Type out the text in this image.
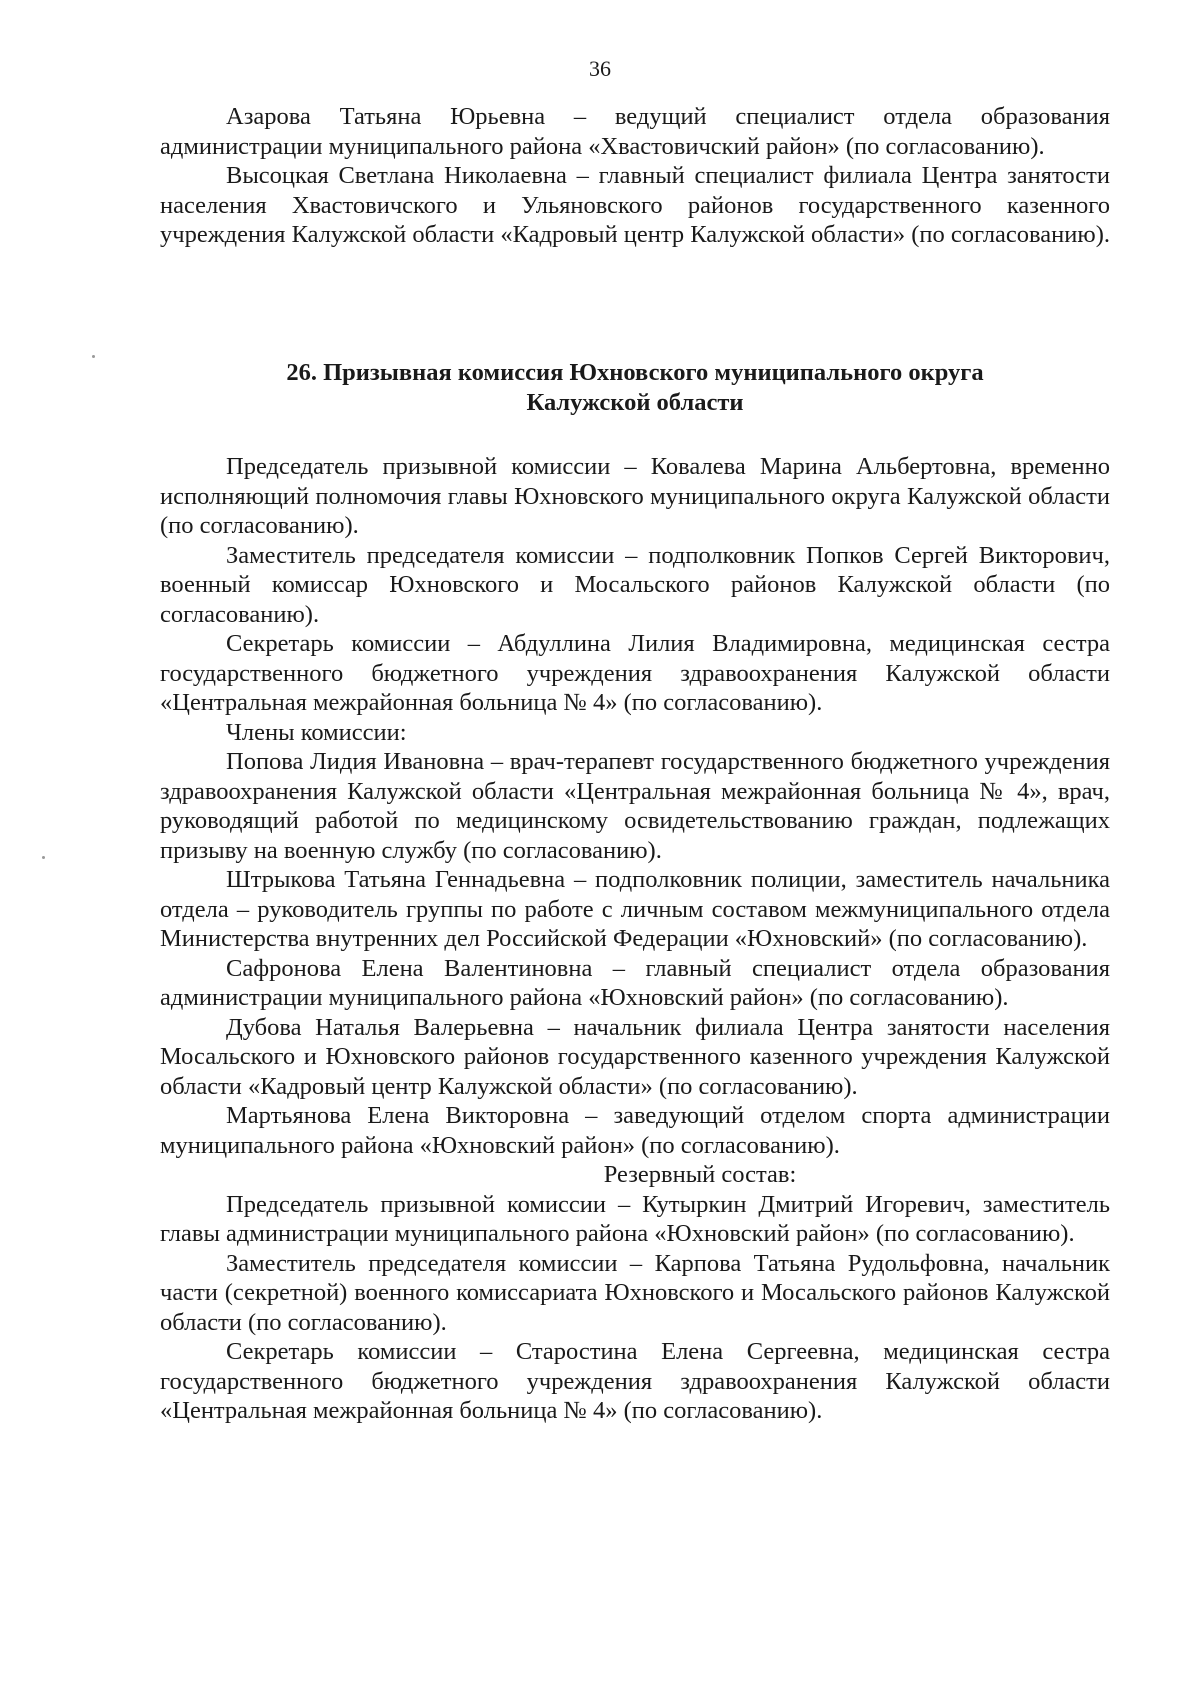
36

Азарова Татьяна Юрьевна – ведущий специалист отдела образования администрации муниципального района «Хвастовичский район» (по согласованию).

Высоцкая Светлана Николаевна – главный специалист филиала Центра занятости населения Хвастовичского и Ульяновского районов государственного казенного учреждения Калужской области «Кадровый центр Калужской области» (по согласованию).

26. Призывная комиссия Юхновского муниципального округа
Калужской области

Председатель призывной комиссии – Ковалева Марина Альбертовна, временно исполняющий полномочия главы Юхновского муниципального округа Калужской области (по согласованию).

Заместитель председателя комиссии – подполковник Попков Сергей Викторович, военный комиссар Юхновского и Мосальского районов Калужской области (по согласованию).

Секретарь комиссии – Абдуллина Лилия Владимировна, медицинская сестра государственного бюджетного учреждения здравоохранения Калужской области «Центральная межрайонная больница № 4» (по согласованию).

Члены комиссии:

Попова Лидия Ивановна – врач-терапевт государственного бюджетного учреждения здравоохранения Калужской области «Центральная межрайонная больница № 4», врач, руководящий работой по медицинскому освидетельствованию граждан, подлежащих призыву на военную службу (по согласованию).

Штрыкова Татьяна Геннадьевна – подполковник полиции, заместитель начальника отдела – руководитель группы по работе с личным составом межмуниципального отдела Министерства внутренних дел Российской Федерации «Юхновский» (по согласованию).

Сафронова Елена Валентиновна – главный специалист отдела образования администрации муниципального района «Юхновский район» (по согласованию).

Дубова Наталья Валерьевна – начальник филиала Центра занятости населения Мосальского и Юхновского районов государственного казенного учреждения Калужской области «Кадровый центр Калужской области» (по согласованию).

Мартьянова Елена Викторовна – заведующий отделом спорта администрации муниципального района «Юхновский район» (по согласованию).

Резервный состав:

Председатель призывной комиссии – Кутыркин Дмитрий Игоревич, заместитель главы администрации муниципального района «Юхновский район» (по согласованию).

Заместитель председателя комиссии – Карпова Татьяна Рудольфовна, начальник части (секретной) военного комиссариата Юхновского и Мосальского районов Калужской области (по согласованию).

Секретарь комиссии – Старостина Елена Сергеевна, медицинская сестра государственного бюджетного учреждения здравоохранения Калужской области «Центральная межрайонная больница № 4» (по согласованию).
